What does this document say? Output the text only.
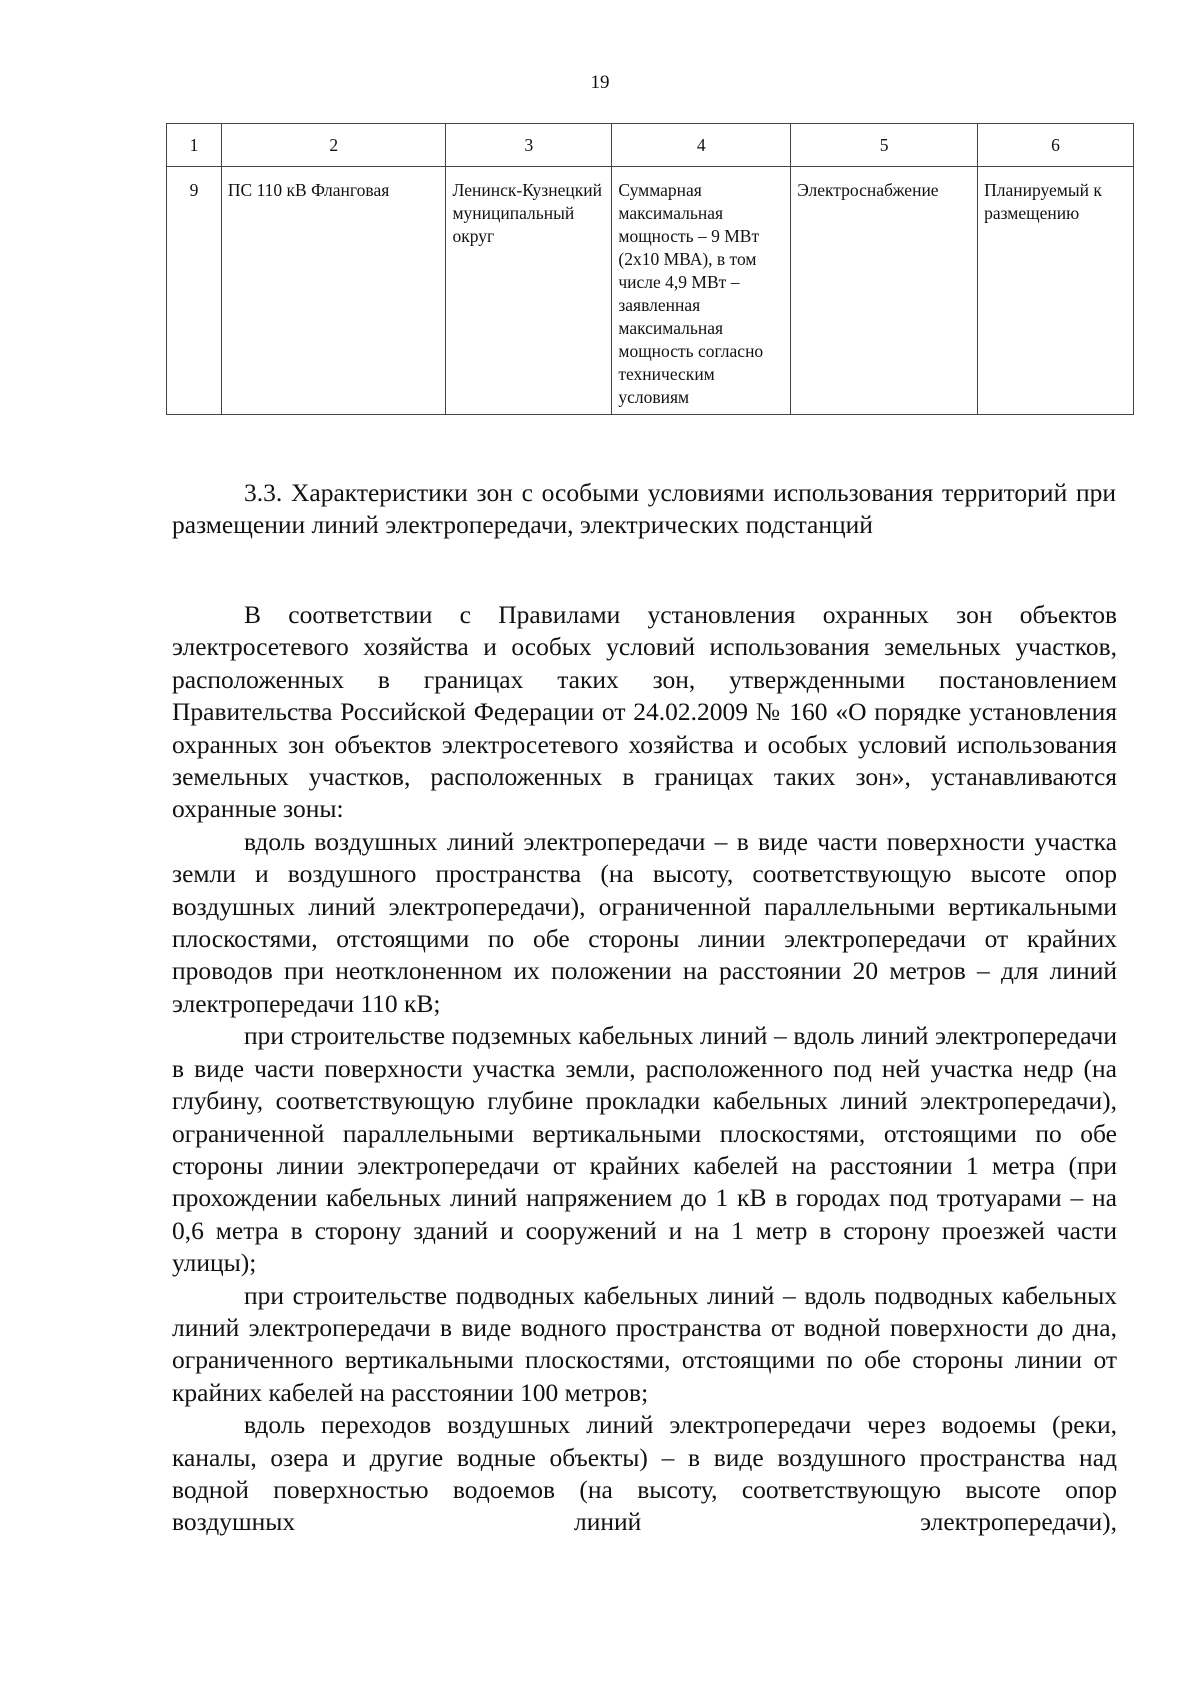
19
1	2	3	4	5	6
9	ПС 110 кВ Фланговая	Ленинск-Кузнецкий муниципальный округ	Суммарная максимальная мощность – 9 МВт (2х10 МВА), в том числе 4,9 МВт – заявленная максимальная мощность согласно техническим условиям	Электроснабжение	Планируемый к размещению
3.3. Характеристики зон с особыми условиями использования территорий при размещении линий электропередачи, электрических подстанций

В соответствии с Правилами установления охранных зон объектов электросетевого хозяйства и особых условий использования земельных участков, расположенных в границах таких зон, утвержденными постановлением Правительства Российской Федерации от 24.02.2009 № 160 «О порядке установления охранных зон объектов электросетевого хозяйства и особых условий использования земельных участков, расположенных в границах таких зон», устанавливаются охранные зоны:

вдоль воздушных линий электропередачи – в виде части поверхности участка земли и воздушного пространства (на высоту, соответствующую высоте опор воздушных линий электропередачи), ограниченной параллельными вертикальными плоскостями, отстоящими по обе стороны линии электропередачи от крайних проводов при неотклоненном их положении на расстоянии 20 метров – для линий электропередачи 110 кВ;

при строительстве подземных кабельных линий – вдоль линий электропередачи в виде части поверхности участка земли, расположенного под ней участка недр (на глубину, соответствующую глубине прокладки кабельных линий электропередачи), ограниченной параллельными вертикальными плоскостями, отстоящими по обе стороны линии электропередачи от крайних кабелей на расстоянии 1 метра (при прохождении кабельных линий напряжением до 1 кВ в городах под тротуарами – на 0,6 метра в сторону зданий и сооружений и на 1 метр в сторону проезжей части улицы);

при строительстве подводных кабельных линий – вдоль подводных кабельных линий электропередачи в виде водного пространства от водной поверхности до дна, ограниченного вертикальными плоскостями, отстоящими по обе стороны линии от крайних кабелей на расстоянии 100 метров;

вдоль переходов воздушных линий электропередачи через водоемы (реки, каналы, озера и другие водные объекты) – в виде воздушного пространства над водной поверхностью водоемов (на высоту, соответствующую высоте опор воздушных линий электропередачи),
